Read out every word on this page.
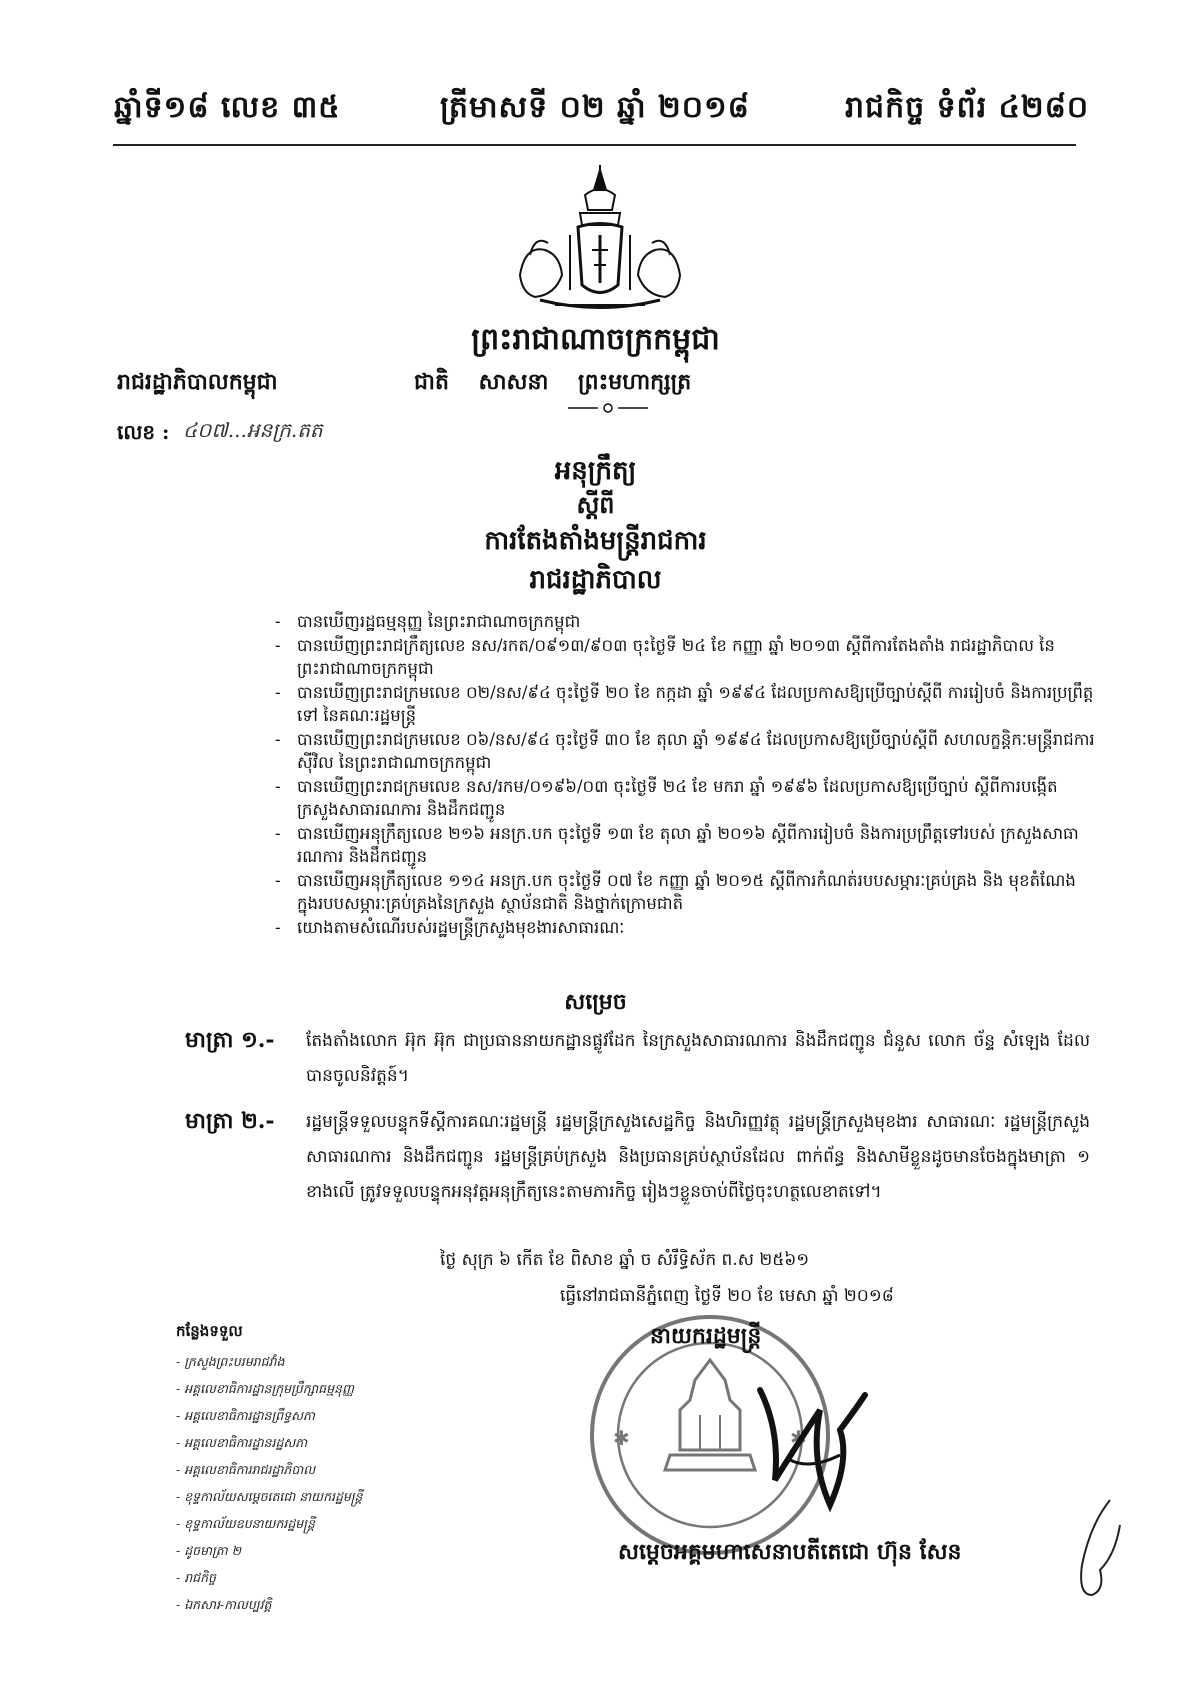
ឆ្នាំទី១៨ លេខ ៣៥	ត្រីមាសទី ០២ ឆ្នាំ ២០១៨	រាជកិច្ច ទំព័រ ៤២៨០
ព្រះរាជាណាចក្រកម្ពុជា
រាជរដ្ឋាភិបាលកម្ពុជា	ជាតិ សាសនា ព្រះមហាក្សត្រ
លេខ : ៤០៧...អនក្រ.តត
អនុក្រឹត្យ
ស្តីពី
ការតែងតាំងមន្ត្រីរាជការ
រាជរដ្ឋាភិបាល
- បានឃើញរដ្ឋធម្មនុញ្ញ នៃព្រះរាជាណាចក្រកម្ពុជា
- បានឃើញព្រះរាជក្រឹត្យលេខ នស/រកត/០៩១៣/៩០៣ ចុះថ្ងៃទី ២៤ ខែ កញ្ញា ឆ្នាំ ២០១៣ ស្តីពីការតែងតាំង រាជរដ្ឋាភិបាល នៃព្រះរាជាណាចក្រកម្ពុជា
- បានឃើញព្រះរាជក្រមលេខ ០២/នស/៩៤ ចុះថ្ងៃទី ២០ ខែ កក្កដា ឆ្នាំ ១៩៩៤ ដែលប្រកាសឱ្យប្រើច្បាប់ស្តីពី ការរៀបចំ និងការប្រព្រឹត្តទៅ នៃគណៈរដ្ឋមន្ត្រី
- បានឃើញព្រះរាជក្រមលេខ ០៦/នស/៩៤ ចុះថ្ងៃទី ៣០ ខែ តុលា ឆ្នាំ ១៩៩៤ ដែលប្រកាសឱ្យប្រើច្បាប់ស្តីពី សហលក្ខន្តិកៈមន្ត្រីរាជការស៊ីវិល នៃព្រះរាជាណាចក្រកម្ពុជា
- បានឃើញព្រះរាជក្រមលេខ នស/រកម/០១៩៦/០៣ ចុះថ្ងៃទី ២៤ ខែ មករា ឆ្នាំ ១៩៩៦ ដែលប្រកាសឱ្យប្រើច្បាប់ ស្តីពីការបង្កើតក្រសួងសាធារណការ និងដឹកជញ្ជូន
- បានឃើញអនុក្រឹត្យលេខ ២១៦ អនក្រ.បក ចុះថ្ងៃទី ១៣ ខែ តុលា ឆ្នាំ ២០១៦ ស្តីពីការរៀបចំ និងការប្រព្រឹត្តទៅរបស់ ក្រសួងសាធារណការ និងដឹកជញ្ជូន
- បានឃើញអនុក្រឹត្យលេខ ១១៤ អនក្រ.បក ចុះថ្ងៃទី ០៧ ខែ កញ្ញា ឆ្នាំ ២០១៥ ស្តីពីការកំណត់របបសម្ភារៈគ្រប់គ្រង និង មុខតំណែងក្នុងរបបសម្ភារៈគ្រប់គ្រងនៃក្រសួង ស្ថាប័នជាតិ និងថ្នាក់ក្រោមជាតិ
- យោងតាមសំណើរបស់រដ្ឋមន្ត្រីក្រសួងមុខងារសាធារណៈ
សម្រេច
មាត្រា ១.- តែងតាំងលោក អ៊ុក អ៊ុក ជាប្រធាននាយកដ្ឋានផ្លូវដែក នៃក្រសួងសាធារណការ និងដឹកជញ្ជូន ជំនួស លោក ច័ន្ទ សំឡេង ដែលបានចូលនិវត្តន៍។
មាត្រា ២.- រដ្ឋមន្ត្រីទទួលបន្ទុកទីស្តីការគណៈរដ្ឋមន្ត្រី រដ្ឋមន្ត្រីក្រសួងសេដ្ឋកិច្ច និងហិរញ្ញវត្ថុ រដ្ឋមន្ត្រីក្រសួងមុខងារ សាធារណៈ រដ្ឋមន្ត្រីក្រសួងសាធារណការ និងដឹកជញ្ជូន រដ្ឋមន្ត្រីគ្រប់ក្រសួង និងប្រធានគ្រប់ស្ថាប័នដែល ពាក់ព័ន្ធ និងសាមីខ្លួនដូចមានចែងក្នុងមាត្រា ១ ខាងលើ ត្រូវទទួលបន្ទុកអនុវត្តអនុក្រឹត្យនេះតាមភារកិច្ច រៀងៗខ្លួនចាប់ពីថ្ងៃចុះហត្ថលេខាតទៅ។
ថ្ងៃ សុក្រ ៦ កើត ខែ ពិសាខ ឆ្នាំ ច សំរឹទ្ធិស័ក ព.ស ២៥៦១
ធ្វើនៅរាជធានីភ្នំពេញ ថ្ងៃទី ២០ ខែ មេសា ឆ្នាំ ២០១៨
✱	✱
នាយករដ្ឋមន្ត្រី
សម្តេចអគ្គមហាសេនាបតីតេជោ ហ៊ុន សែន
កន្លែងទទួល
- ក្រសួងព្រះបរមរាជវាំង
- អគ្គលេខាធិការដ្ឋានក្រុមប្រឹក្សាធម្មនុញ្ញ
- អគ្គលេខាធិការដ្ឋានព្រឹទ្ធសភា
- អគ្គលេខាធិការដ្ឋានរដ្ឋសភា
- អគ្គលេខាធិការរាជរដ្ឋាភិបាល
- ខុទ្ទកាល័យសម្តេចតេជោ នាយករដ្ឋមន្ត្រី
- ខុទ្ទកាល័យឧបនាយករដ្ឋមន្ត្រី
- ដូចមាត្រា ២
- រាជកិច្ច
- ឯកសារ-កាលប្បវត្តិ
